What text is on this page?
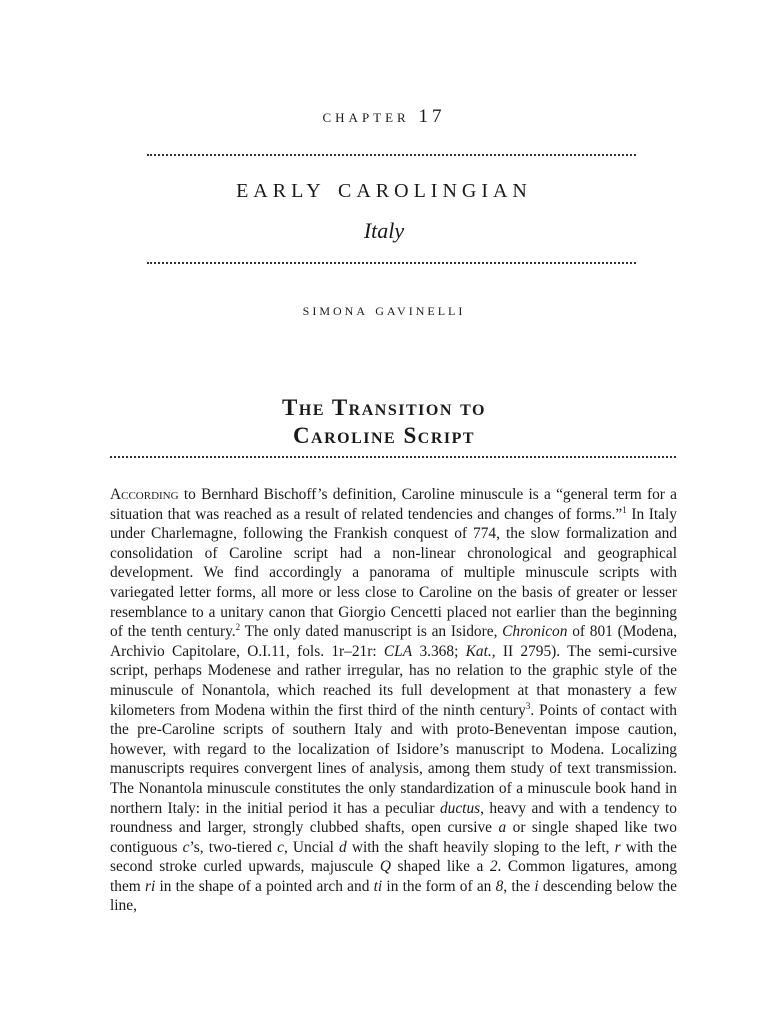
chapter 17
early carolingian
Italy
simona gavinelli
The Transition to
Caroline Script

According to Bernhard Bischoff’s definition, Caroline minuscule is a “general term for a situation that was reached as a result of related tendencies and changes of forms.”$^1$ In Italy under Charlemagne, following the Frankish conquest of 774, the slow formalization and consolidation of Caroline script had a non-linear chronological and geographical development. We find accordingly a panorama of multiple minuscule scripts with variegated letter forms, all more or less close to Caroline on the basis of greater or lesser resemblance to a unitary canon that Giorgio Cencetti placed not earlier than the beginning of the tenth century.$^2$ The only dated manuscript is an Isidore, Chronicon of 801 (Modena, Archivio Capitolare, O.I.11, fols. 1r–21r: CLA 3.368; Kat., II 2795). The semi-cursive script, perhaps Modenese and rather irregular, has no relation to the graphic style of the minuscule of Nonantola, which reached its full development at that monastery a few kilometers from Modena within the first third of the ninth century$^3$. Points of contact with the pre-Caroline scripts of southern Italy and with proto-Beneventan impose caution, however, with regard to the localization of Isidore’s manuscript to Modena. Localizing manuscripts requires convergent lines of analysis, among them study of text transmission. The Nonantola minuscule constitutes the only standardization of a minuscule book hand in northern Italy: in the initial period it has a peculiar ductus, heavy and with a tendency to roundness and larger, strongly clubbed shafts, open cursive a or single shaped like two contiguous c’s, two-tiered c, Uncial d with the shaft heavily sloping to the left, r with the second stroke curled upwards, majuscule Q shaped like a 2. Common ligatures, among them ri in the shape of a pointed arch and ti in the form of an 8, the i descending below the line,
